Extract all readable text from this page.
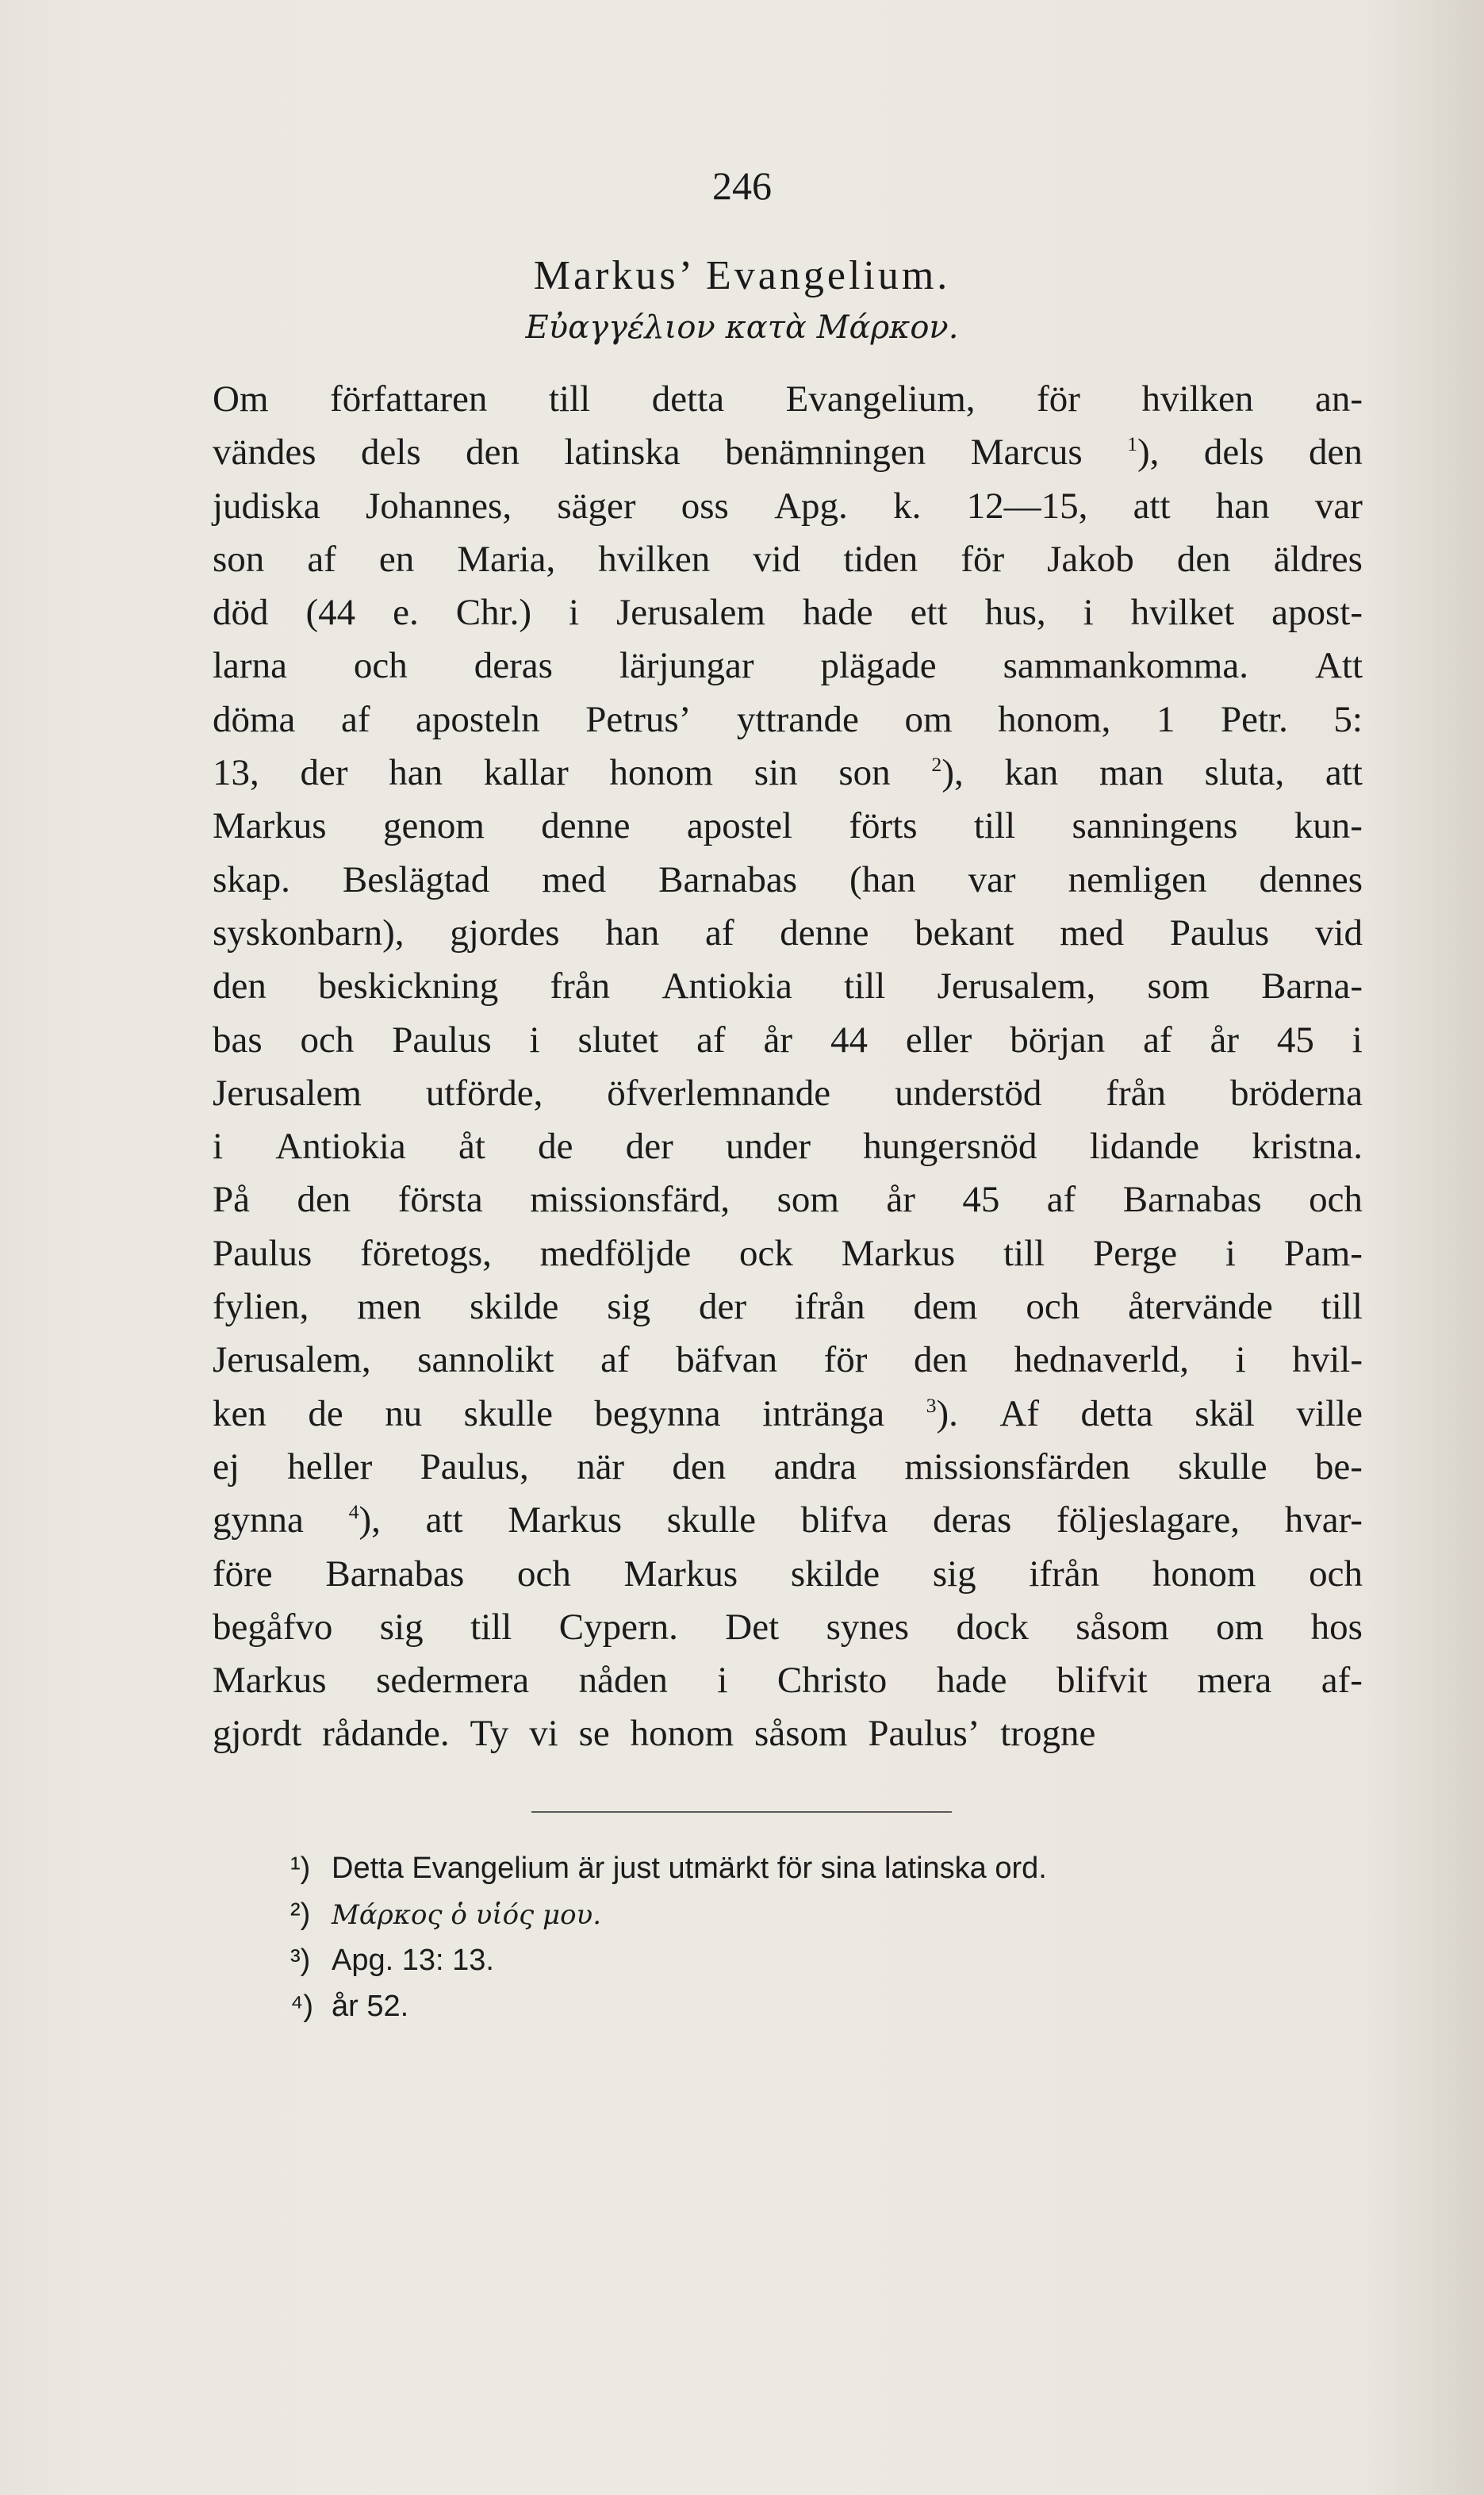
246
Markus’ Evangelium.
Εὐαγγέλιον κατὰ Μάρκον.
Om författaren till detta Evangelium, för hvilken an-
vändes dels den latinska benämningen Marcus $^1$), dels den
judiska Johannes, säger oss Apg. k. 12—15, att han var
son af en Maria, hvilken vid tiden för Jakob den äldres
död (44 e. Chr.) i Jerusalem hade ett hus, i hvilket apost-
larna och deras lärjungar plägade sammankomma. Att
döma af aposteln Petrus’ yttrande om honom, 1 Petr. 5:
13, der han kallar honom sin son $^2$), kan man sluta, att
Markus genom denne apostel förts till sanningens kun-
skap. Beslägtad med Barnabas (han var nemligen dennes
syskonbarn), gjordes han af denne bekant med Paulus vid
den beskickning från Antiokia till Jerusalem, som Barna-
bas och Paulus i slutet af år 44 eller början af år 45 i
Jerusalem utförde, öfverlemnande understöd från bröderna
i Antiokia åt de der under hungersnöd lidande kristna.
På den första missionsfärd, som år 45 af Barnabas och
Paulus företogs, medföljde ock Markus till Perge i Pam-
fylien, men skilde sig der ifrån dem och återvände till
Jerusalem, sannolikt af bäfvan för den hednaverld, i hvil-
ken de nu skulle begynna intränga $^3$). Af detta skäl ville
ej heller Paulus, när den andra missionsfärden skulle be-
gynna $^4$), att Markus skulle blifva deras följeslagare, hvar-
före Barnabas och Markus skilde sig ifrån honom och
begåfvo sig till Cypern. Det synes dock såsom om hos
Markus sedermera nåden i Christo hade blifvit mera af-
gjordt rådande. Ty vi se honom såsom Paulus’ trogne
¹) Detta Evangelium är just utmärkt för sina latinska ord.
²) Μάρκος ὁ υἱός μου.
³) Apg. 13: 13.
⁴) år 52.
